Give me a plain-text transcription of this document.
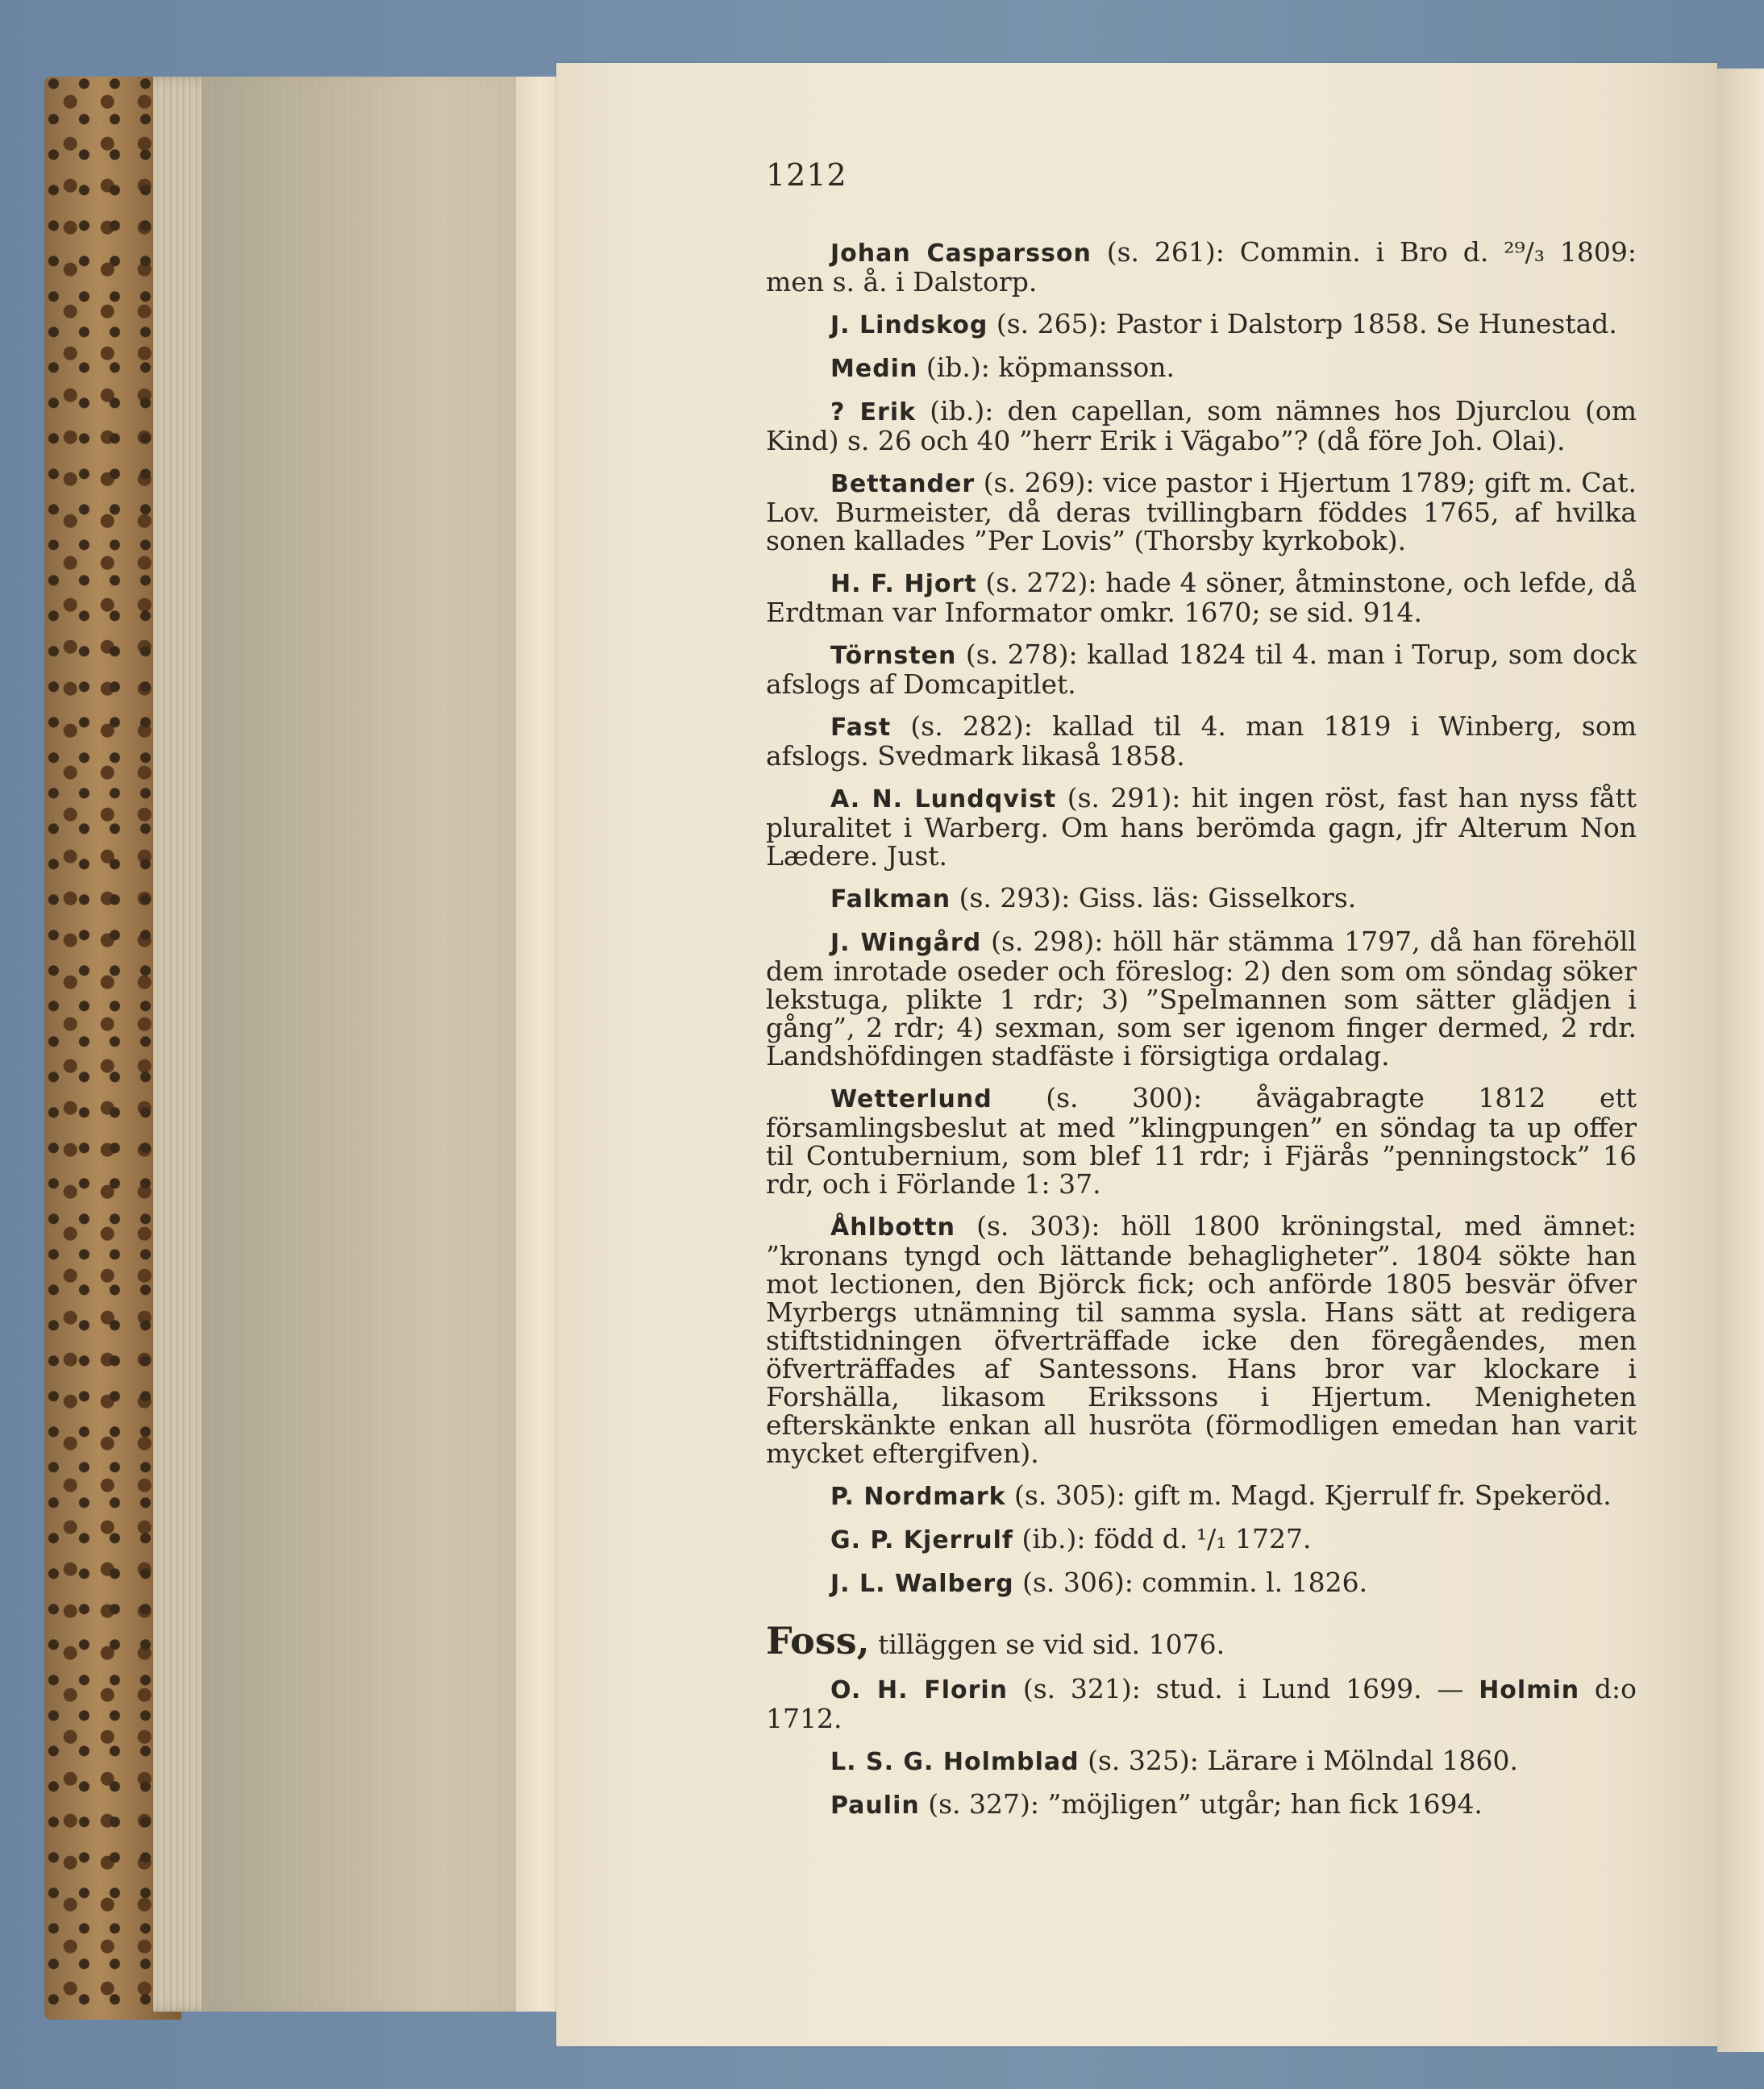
1212

Johan Casparsson (s. 261): Commin. i Bro d. ²⁹/₃ 1809: men s. å. i Dalstorp.

J. Lindskog (s. 265): Pastor i Dalstorp 1858. Se Hunestad.

Medin (ib.): köpmansson.

? Erik (ib.): den capellan, som nämnes hos Djurclou (om Kind) s. 26 och 40 ”herr Erik i Vägabo”? (då före Joh. Olai).

Bettander (s. 269): vice pastor i Hjertum 1789; gift m. Cat. Lov. Burmeister, då deras tvillingbarn föddes 1765, af hvilka sonen kallades ”Per Lovis” (Thorsby kyrkobok).

H. F. Hjort (s. 272): hade 4 söner, åtminstone, och lefde, då Erdtman var Informator omkr. 1670; se sid. 914.

Törnsten (s. 278): kallad 1824 til 4. man i Torup, som dock afslogs af Domcapitlet.

Fast (s. 282): kallad til 4. man 1819 i Winberg, som afslogs. Svedmark likaså 1858.

A. N. Lundqvist (s. 291): hit ingen röst, fast han nyss fått pluralitet i Warberg. Om hans berömda gagn, jfr Alterum Non Lædere. Just.

Falkman (s. 293): Giss. läs: Gisselkors.

J. Wingård (s. 298): höll här stämma 1797, då han förehöll dem inrotade oseder och föreslog: 2) den som om söndag söker lekstuga, plikte 1 rdr; 3) ”Spelmannen som sätter glädjen i gång”, 2 rdr; 4) sexman, som ser igenom finger dermed, 2 rdr. Landshöfdingen stadfäste i försigtiga ordalag.

Wetterlund (s. 300): åvägabragte 1812 ett församlingsbeslut at med ”klingpungen” en söndag ta up offer til Contubernium, som blef 11 rdr; i Fjärås ”penningstock” 16 rdr, och i Förlande 1: 37.

Åhlbottn (s. 303): höll 1800 kröningstal, med ämnet: ”kronans tyngd och lättande behagligheter”. 1804 sökte han mot lectionen, den Björck fick; och anförde 1805 besvär öfver Myrbergs utnämning til samma sysla. Hans sätt at redigera stiftstidningen öfverträffade icke den föregåendes, men öfverträffades af Santessons. Hans bror var klockare i Forshälla, likasom Erikssons i Hjertum. Menigheten efterskänkte enkan all husröta (förmodligen emedan han varit mycket eftergifven).

P. Nordmark (s. 305): gift m. Magd. Kjerrulf fr. Spekeröd.

G. P. Kjerrulf (ib.): född d. ¹/₁ 1727.

J. L. Walberg (s. 306): commin. l. 1826.

Foss, tilläggen se vid sid. 1076.

O. H. Florin (s. 321): stud. i Lund 1699. — Holmin d:o 1712.

L. S. G. Holmblad (s. 325): Lärare i Mölndal 1860.

Paulin (s. 327): ”möjligen” utgår; han fick 1694.
